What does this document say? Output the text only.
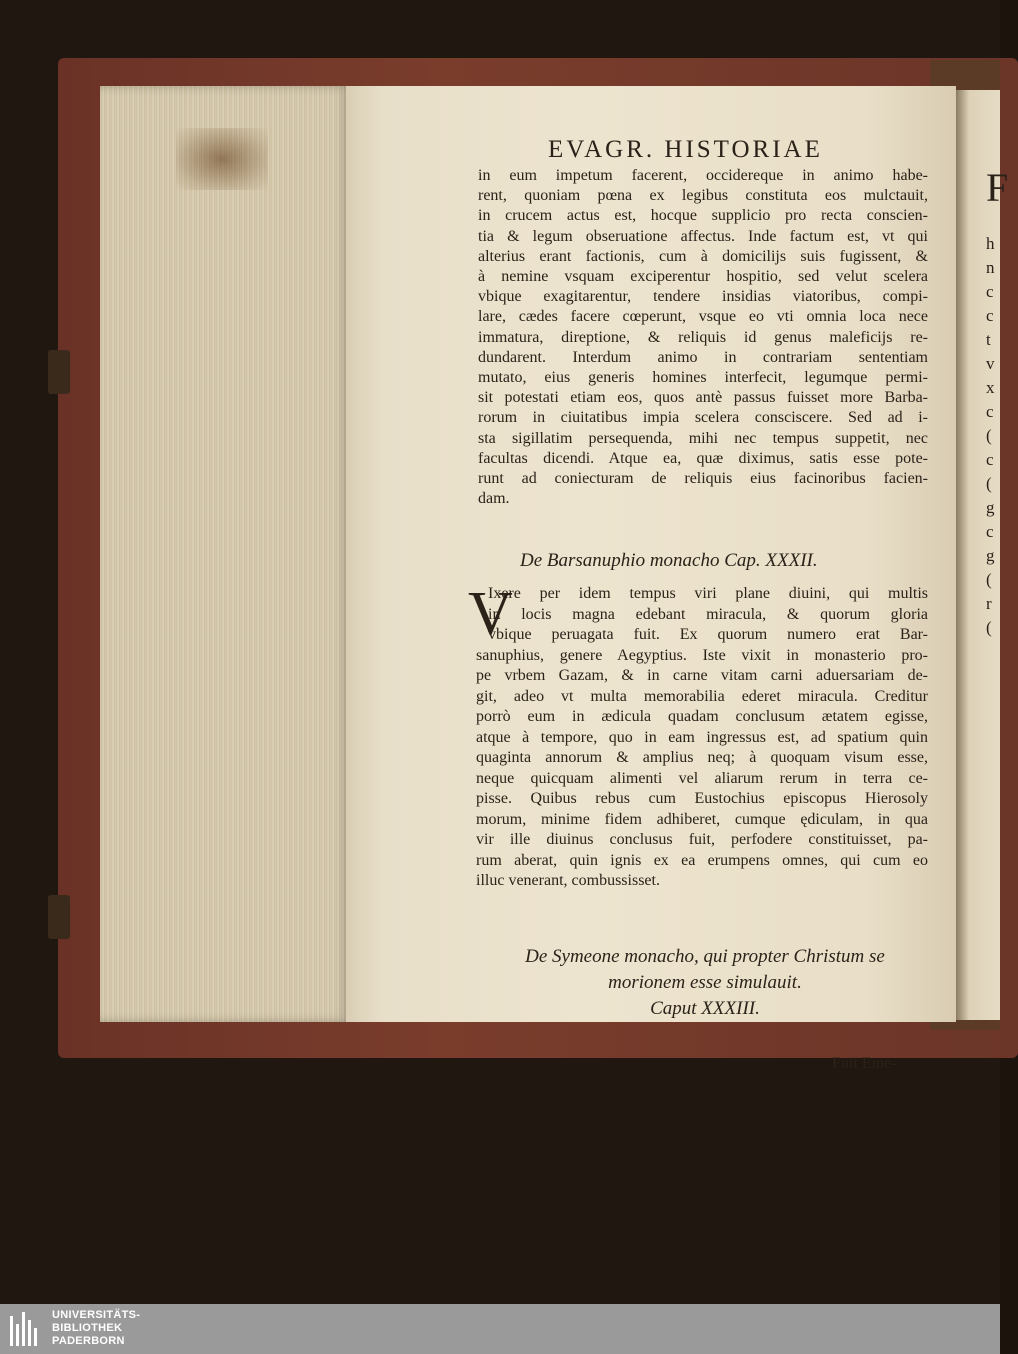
F
h
n
c
c
t
v
x
c
(
c
(
g
c
g
(
r
(
EVAGR. HISTORIAE
in eum impetum facerent, occidereque in animo habe-
rent, quoniam pœna ex legibus constituta eos mulctauit,
in crucem actus est, hocque supplicio pro recta conscien-
tia & legum obseruatione affectus. Inde factum est, vt qui
alterius erant factionis, cum à domicilijs suis fugissent, &
à nemine vsquam exciperentur hospitio, sed velut scelera
vbique exagitarentur, tendere insidias viatoribus, compi-
lare, cædes facere cœperunt, vsque eo vti omnia loca nece
immatura, direptione, & reliquis id genus maleficijs re-
dundarent. Interdum animo in contrariam sententiam
mutato, eius generis homines interfecit, legumque permi-
sit potestati etiam eos, quos antè passus fuisset more Barba-
rorum in ciuitatibus impia scelera consciscere. Sed ad i-
sta sigillatim persequenda, mihi nec tempus suppetit, nec
facultas dicendi. Atque ea, quæ diximus, satis esse pote-
runt ad coniecturam de reliquis eius facinoribus facien-
dam.
De Barsanuphio monacho Cap. XXXII.
V
Ixere per idem tempus viri plane diuini, qui multis
in locis magna edebant miracula, & quorum gloria
vbique peruagata fuit. Ex quorum numero erat Bar-
sanuphius, genere Aegyptius. Iste vixit in monasterio pro-
pe vrbem Gazam, & in carne vitam carni aduersariam de-
git, adeo vt multa memorabilia ederet miracula. Creditur
porrò eum in ædicula quadam conclusum ætatem egisse,
atque à tempore, quo in eam ingressus est, ad spatium quin
quaginta annorum & amplius neq; à quoquam visum esse,
neque quicquam alimenti vel aliarum rerum in terra ce-
pisse. Quibus rebus cum Eustochius episcopus Hierosoly
morum, minime fidem adhiberet, cumque ędiculam, in qua
vir ille diuinus conclusus fuit, perfodere constituisset, pa-
rum aberat, quin ignis ex ea erumpens omnes, qui cum eo
illuc venerant, combussisset.
De Symeone monacho, qui propter Christum se
morionem esse simulauit.
Caput XXXIII.
Fuit Eme-
UNIVERSITÄTS-
BIBLIOTHEK
PADERBORN
